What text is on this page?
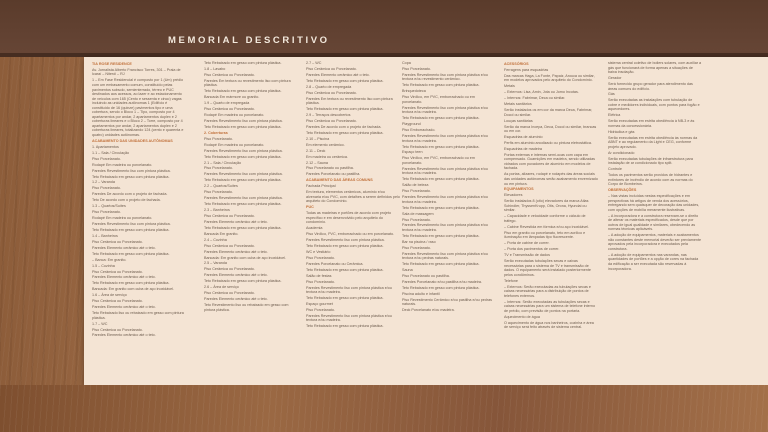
MEMORIAL DESCRITIVO

TIA ROSE RESIDENCE

Av. Jornalista Alberto Francisco Torres, 301 – Praia de Icaraí – Niterói – RJ

1 – Em Fase Residencial é composto por 1 (Um) prédio com um embasamento comum, constituído pelas pavimentos subsolo, semienterrado, térreo e PUC destinados aos acessos, ao lazer e ao estacionamento de veículos com 165 (Cento e sessenta e cinco) vagas incluindo as unidades autônomas 1 (Edifício é constituído de 16 (quinze) pavimentos tipo e uma cobertura, sendo o Bloco 1 – Tipo, composto por 4 apartamentos por andar, 2 apartamentos duplex e 2 coberturas lineares e o Bloco 2 – Torre, composto por 4 apartamentos por andar, 2 apartamentos duplex e 2 coberturas lineares, totalizando 124 (cento e quarenta e quatro) unidades autônomas.

ACABAMENTO DAS UNIDADES AUTÔNOMAS

1. Apartamentos

1.1 – Sala / Circulação

Piso Porcelanato.

Rodapé Em madeira ou porcelanato.

Paredes Revestimento liso com pintura plástica.

Teto Rebaixado em gesso com pintura plástica.

1.2 – Varanda

Piso Porcelanato.

Paredes De acordo com o projeto de fachada.

Teto De acordo com o projeto de fachada.

1.3 – Quartos/Suítes

Piso Porcelanato.

Rodapé Em madeira ou porcelanato.

Paredes Revestimento liso com pintura plástica.

Teto Rebaixado em gesso com pintura plástica.

1.4 – Banheiros

Piso Cerâmica ou Porcelanato.

Paredes Elemento cerâmico até o teto.

Teto Rebaixado em gesso com pintura plástica.

– Banca: Em granito.

1.5 – Cozinha

Piso Cerâmica ou Porcelanato.

Paredes Elemento cerâmico até o teto.

Teto Rebaixado em gesso com pintura plástica.

Bancada: Em granito com cuba de aço inoxidável.

1.6 – Área de serviço

Piso Cerâmica ou Porcelanato.

Paredes Elemento cerâmico até o teto.

Teto Rebaixado liso ou rebaixado em gesso com pintura plástica.

1.7 – WC

Piso Cerâmica ou Porcelanato.

Paredes Elemento cerâmico até o teto.

Teto Rebaixado em gesso com pintura plástica.

1.8 – Lavabo

Piso Cerâmica ou Porcelanato.

Paredes Em textura ou revestimento liso com pintura plástica.

Teto Rebaixado em gesso com pintura plástica.

Bancada Em mármore ou granito.

1.9 – Quarto de empregada

Piso Cerâmica ou Porcelanato.

Rodapé Em madeira ou porcelanato.

Paredes Revestimento liso com pintura plástica.

Teto Rebaixado em gesso com pintura plástica.

2. Coberturas

Piso Porcelanato.

Rodapé Em madeira ou porcelanato.

Paredes Revestimento liso com pintura plástica.

Teto Rebaixado em gesso com pintura plástica.

2.1 – Sala / Circulação

Piso Porcelanato.

Paredes Revestimento liso com pintura plástica.

Teto Rebaixado em gesso com pintura plástica.

2.2 – Quartos/Suítes

Piso Porcelanato.

Paredes Revestimento liso com pintura plástica.

Teto Rebaixado em gesso com pintura plástica.

2.3 – Banheiros

Piso Cerâmica ou Porcelanato.

Paredes Elemento cerâmico até o teto.

Teto Rebaixado em gesso com pintura plástica.

Bancada Em granito.

2.4 – Cozinha

Piso Cerâmica ou Porcelanato.

Paredes Elemento cerâmico até o teto.

Bancada: Em granito com cuba de aço inoxidável.

2.5 – Varanda

Piso Cerâmica ou Porcelanato.

Paredes Elemento cerâmico até o teto.

Teto Rebaixado em gesso com pintura plástica.

2.6 – Área de serviço

Piso Cerâmica ou Porcelanato.

Paredes Elemento cerâmico até o teto.

Teto Revestimento liso ou rebaixado em gesso com pintura plástica.

2.7 – WC

Piso Cerâmica ou Porcelanato.

Paredes Elemento cerâmico até o teto.

Teto Rebaixado em gesso com pintura plástica.

2.8 – Quarto de empregada

Piso Cerâmica ou Porcelanato.

Paredes Em textura ou revestimento liso com pintura plástica.

Teto Rebaixado em gesso com pintura plástica.

2.9 – Terraços descobertos

Piso Cerâmica ou Porcelanato.

Paredes De acordo com o projeto de fachada.

Teto Rebaixado em gesso com pintura plástica.

2.10 – Piscina

Em elemento cerâmico.

2.11 – Deck

Em madeira ou cerâmica.

2.12 – Sauna

Piso Porcelanato ou pastilha.

Paredes Porcelanato ou pastilha.

ACABAMENTO DAS ÁREAS COMUNS

Fachada Principal

Em textura, elementos cerâmicos, alumínio e/ou alvenaria e/ou PVC, com detalhes a serem definidos pelo arquiteto do Condomínio.

PUC

Todas as madeiras e portões de acordo com projeto específico e em desenvolvido pelo arquiteto do condomínio.

Academia

Piso Vinílico, PVC, emborrachado ou em porcelanato.

Paredes Revestimento liso com pintura plástica.

Teto Rebaixado em gesso com pintura plástica.

WC e Vestiário

Piso Porcelanato.

Paredes Porcelanato ou Cerâmica.

Teto Rebaixado em gesso com pintura plástica.

Salão de festas

Piso Porcelanato.

Paredes Revestimento liso com pintura plástica e/ou textura e/ou madeira.

Teto Rebaixado em gesso com pintura plástica.

Espaço gourmet

Piso Porcelanato.

Paredes Revestimento liso com pintura plástica e/ou textura e/ou madeira.

Teto Rebaixado em gesso com pintura plástica.

Copa

Piso Porcelanato.

Paredes Revestimento liso com pintura plástica e/ou textura e/ou revestimento cerâmico.

Teto Rebaixado em gesso com pintura plástica.

Brinquedoteca

Piso Vinílico, em PVC, emborrachado ou em porcelanato.

Paredes Revestimento liso com pintura plástica e/ou textura e/ou madeira.

Teto Rebaixado em gesso com pintura plástica.

Playground

Piso Emborrachado.

Paredes Revestimento liso com pintura plástica e/ou textura e/ou madeira.

Teto Rebaixado em gesso com pintura plástica.

Espaço teen

Piso Vinílico, em PVC, emborrachado ou em porcelanato.

Paredes Revestimento liso com pintura plástica e/ou textura e/ou madeira.

Teto Rebaixado em gesso com pintura plástica.

Salão de beleza

Piso Porcelanato.

Paredes Revestimento liso com pintura plástica e/ou textura e/ou madeira.

Teto Rebaixado em gesso com pintura plástica.

Sala de massagem

Piso Porcelanato.

Paredes Revestimento liso com pintura plástica e/ou textura e/ou madeira.

Teto Rebaixado em gesso com pintura plástica.

Bar na piscina / raso

Piso Porcelanato.

Paredes Revestimento liso com pintura plástica e/ou textura e/ou pedras naturais.

Teto Rebaixado em gesso com pintura plástica.

Sauna

Piso Porcelanato ou pastilha.

Paredes Porcelanato e/ou pastilha e/ou madeira.

Teto Rebaixado em gesso com pintura plástica.

Piscina adulto e infantil

Piso Revestimento Cerâmico e/ou pastilha e/ou pedras naturais.

Deck Porcelanato e/ou madeira.

ACESSÓRIOS

Ferragens para esquadrias

Das marcas Haga, La Fonte, Papaiz, Arouca ou similar, em modelos aprovados pelo arquiteto do Condomínio.

Metais

– Externos: Lisa, Amin, Jota ou Jomo Incotas.

– Internos: Fabrimar, Deca ou similar.

Metais sanitários

Serão instalados os em cor da marca Deca, Fabrimar, Docol ou similar.

Louças sanitárias

Serão da marca Incepa, Deca, Docol ou similar, brancas ou em cor.

Esquadrias de alumínio

Perfis em alumínio anodizado ou pintura eletrostática.

Esquadrias de madeira

Portas externas e internas semi-ocas com capa em compensado. Guarnições em madeira, sendo utilizadas vidrados com puxadores de alumínio em modelos de fachada.

As portas, alizares, rodapé e rodapés das áreas sociais das unidades autônomas serão acabamento envernizado ou em pintura.

EQUIPAMENTOS

Elevadores

Serão instalados 8 (oito) elevadores da marca Atlas Schindler, ThyssenKrupp, Otis, Orona, Hyundai ou similar.

– Capacidade e velocidade conforme o cálculo de tráfego.

– Cabine Revestida em fórmica e/ou aço inoxidável.

Piso em granito ou porcelanato, teto em acrílico e iluminação em lâmpadas tipo fluorescente.

– Porta de cabine de correr.

– Porta dos pavimentos de correr.

TV e Transmissão de dados

Serão executadas tubulações secas e caixas necessárias para o sistema de TV e transmissão de dados. O equipamento será instalado posteriormente pelos condôminos.

Telefone

– Externos: Serão executadas as tubulações secas e caixas necessárias para a distribuição de pontos de telefones externos.

– Internos: Serão executadas as tubulações secas e caixas necessárias para um sistema de telefone interno de prédio, com previsão de pontos na portaria.

Aquecimento de água

O aquecimento de água nos banheiros, cozinha e área de serviço será feito através de sistema central.

sistema central coletivo de boilers solares, com auxiliar a gás que funcionará de forma apenas a situações de baixa insolação.

Gerador

Será fornecido grupo gerador para atendimento das áreas comuns do edifício.

Gás

Serão executadas as instalações com tubulação de cobre e medidores individuais, com pontos para fogão e aquecedores.

Elétrica

Serão executadas em estrita obediência à NB-3 e às normas da concessionária.

Hidráulica e gás

Serão executadas em estrita obediência às normas da ABNT e ao regulamento da Light e CEG, conforme projeto aprovado.

Ar condicionado

Serão executadas tubulações de infraestrutura para instalação de ar condicionado tipo split.

Controle

Todos os pavimentos serão providos de hidrantes e extintores de incêndio de acordo com as normas do Corpo de Bombeiros.

OBSERVAÇÕES

– Nas vistas incluídas nestas especificações e em perspectivas há artigos de venda dos acessórios, entregando sem quaisquer de decoração das unidades, com opções de mobília meramente ilustrativas.

– A incorporadora e a construtora reservam-se o direito de alterar os materiais especificados, desde que por outros de igual qualidade e similares, obedecendo as normas técnicas aplicáveis.

– A adoção de equipamentos, materiais e acabamentos não constantes deste memorial deverão ser previamente aprovados pela incorporadora e executados pela construtora.

– A adoção de equipamentos nas varandas, nas quantidades de portões e a opção de cores na fachada da edificação a ser executada são reservadas à incorporadora.
